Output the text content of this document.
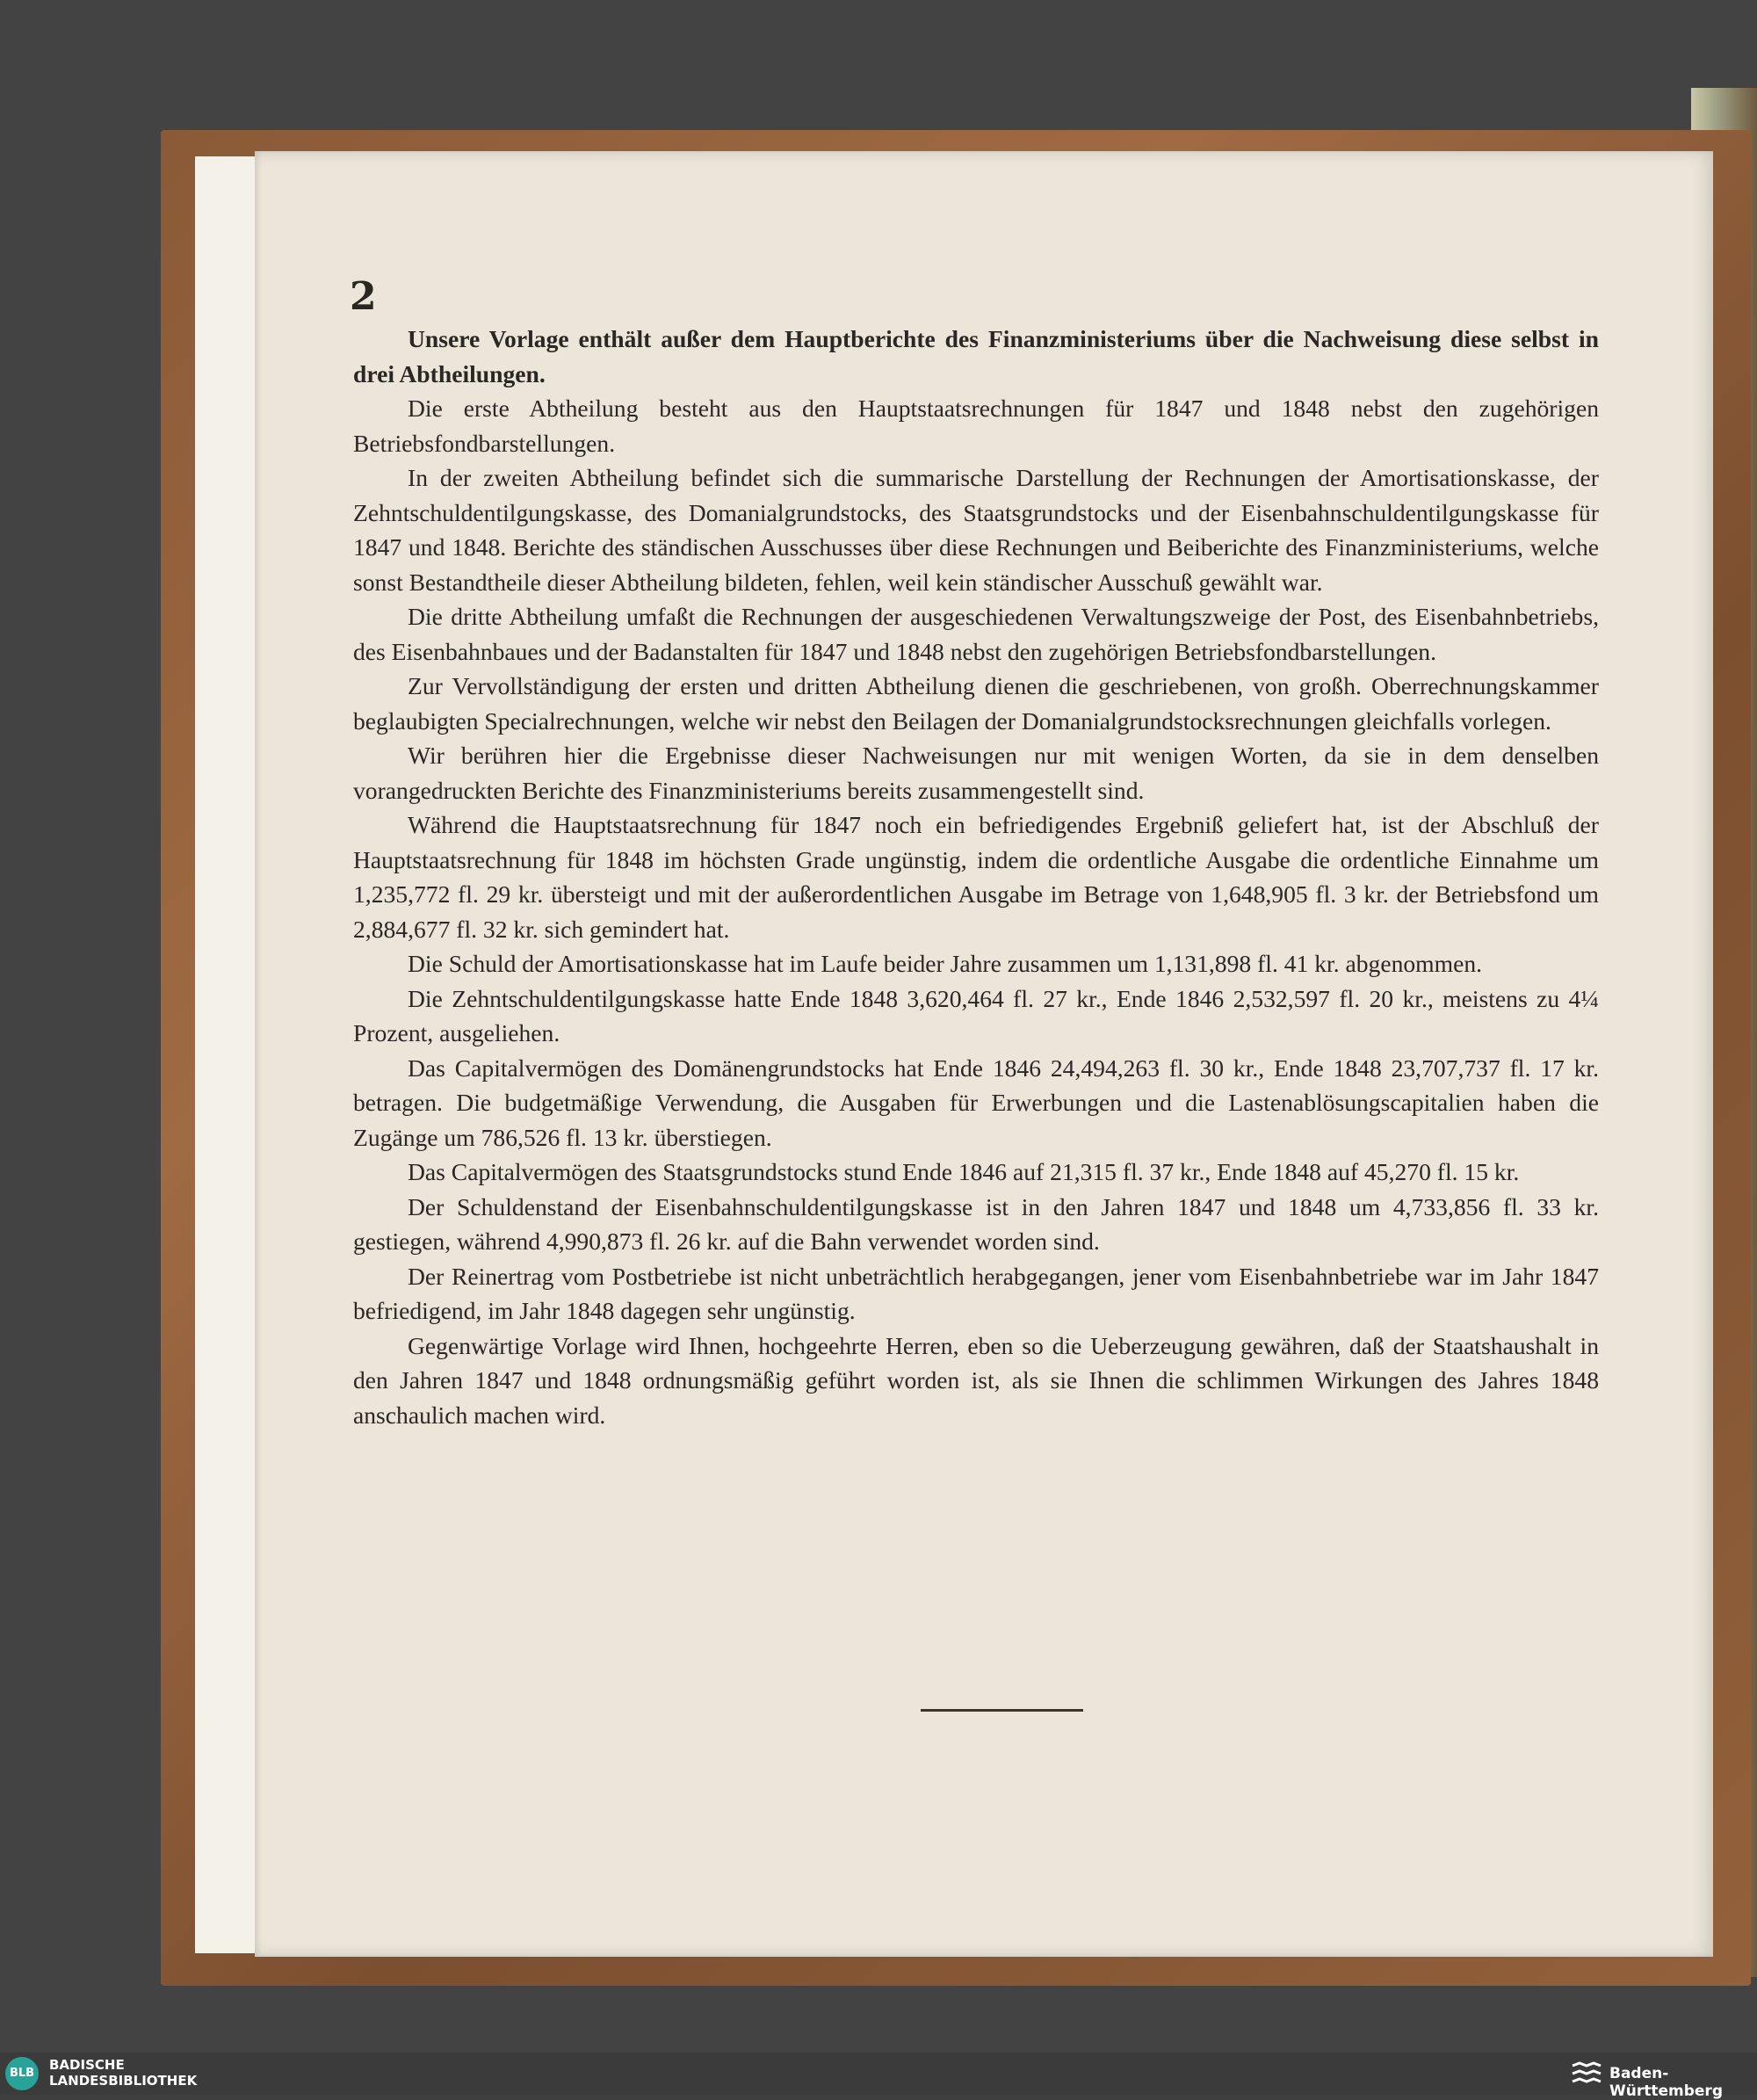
2

Unsere Vorlage enthält außer dem Hauptberichte des Finanzministeriums über die Nachweisung diese selbst in drei Abtheilungen.

Die erste Abtheilung besteht aus den Hauptstaatsrechnungen für 1847 und 1848 nebst den zugehörigen Betriebsfondbarstellungen.

In der zweiten Abtheilung befindet sich die summarische Darstellung der Rechnungen der Amortisationskasse, der Zehntschuldentilgungskasse, des Domanialgrundstocks, des Staatsgrundstocks und der Eisenbahnschuldentilgungskasse für 1847 und 1848. Berichte des ständischen Ausschusses über diese Rechnungen und Beiberichte des Finanzministeriums, welche sonst Bestandtheile dieser Abtheilung bildeten, fehlen, weil kein ständischer Ausschuß gewählt war.

Die dritte Abtheilung umfaßt die Rechnungen der ausgeschiedenen Verwaltungszweige der Post, des Eisenbahnbetriebs, des Eisenbahnbaues und der Badanstalten für 1847 und 1848 nebst den zugehörigen Betriebsfondbarstellungen.

Zur Vervollständigung der ersten und dritten Abtheilung dienen die geschriebenen, von großh. Oberrechnungskammer beglaubigten Specialrechnungen, welche wir nebst den Beilagen der Domanialgrundstocksrechnungen gleichfalls vorlegen.

Wir berühren hier die Ergebnisse dieser Nachweisungen nur mit wenigen Worten, da sie in dem denselben vorangedruckten Berichte des Finanzministeriums bereits zusammengestellt sind.

Während die Hauptstaatsrechnung für 1847 noch ein befriedigendes Ergebniß geliefert hat, ist der Abschluß der Hauptstaatsrechnung für 1848 im höchsten Grade ungünstig, indem die ordentliche Ausgabe die ordentliche Einnahme um 1,235,772 fl. 29 kr. übersteigt und mit der außerordentlichen Ausgabe im Betrage von 1,648,905 fl. 3 kr. der Betriebsfond um 2,884,677 fl. 32 kr. sich gemindert hat.

Die Schuld der Amortisationskasse hat im Laufe beider Jahre zusammen um 1,131,898 fl. 41 kr. abgenommen.

Die Zehntschuldentilgungskasse hatte Ende 1848 3,620,464 fl. 27 kr., Ende 1846 2,532,597 fl. 20 kr., meistens zu 4¼ Prozent, ausgeliehen.

Das Capitalvermögen des Domänengrundstocks hat Ende 1846 24,494,263 fl. 30 kr., Ende 1848 23,707,737 fl. 17 kr. betragen. Die budgetmäßige Verwendung, die Ausgaben für Erwerbungen und die Lastenablösungscapitalien haben die Zugänge um 786,526 fl. 13 kr. überstiegen.

Das Capitalvermögen des Staatsgrundstocks stund Ende 1846 auf 21,315 fl. 37 kr., Ende 1848 auf 45,270 fl. 15 kr.

Der Schuldenstand der Eisenbahnschuldentilgungskasse ist in den Jahren 1847 und 1848 um 4,733,856 fl. 33 kr. gestiegen, während 4,990,873 fl. 26 kr. auf die Bahn verwendet worden sind.

Der Reinertrag vom Postbetriebe ist nicht unbeträchtlich herabgegangen, jener vom Eisenbahnbetriebe war im Jahr 1847 befriedigend, im Jahr 1848 dagegen sehr ungünstig.

Gegenwärtige Vorlage wird Ihnen, hochgeehrte Herren, eben so die Ueberzeugung gewähren, daß der Staatshaushalt in den Jahren 1847 und 1848 ordnungsmäßig geführt worden ist, als sie Ihnen die schlimmen Wirkungen des Jahres 1848 anschaulich machen wird.

BLB
BADISCHE
LANDESBIBLIOTHEK	Baden-Württemberg
